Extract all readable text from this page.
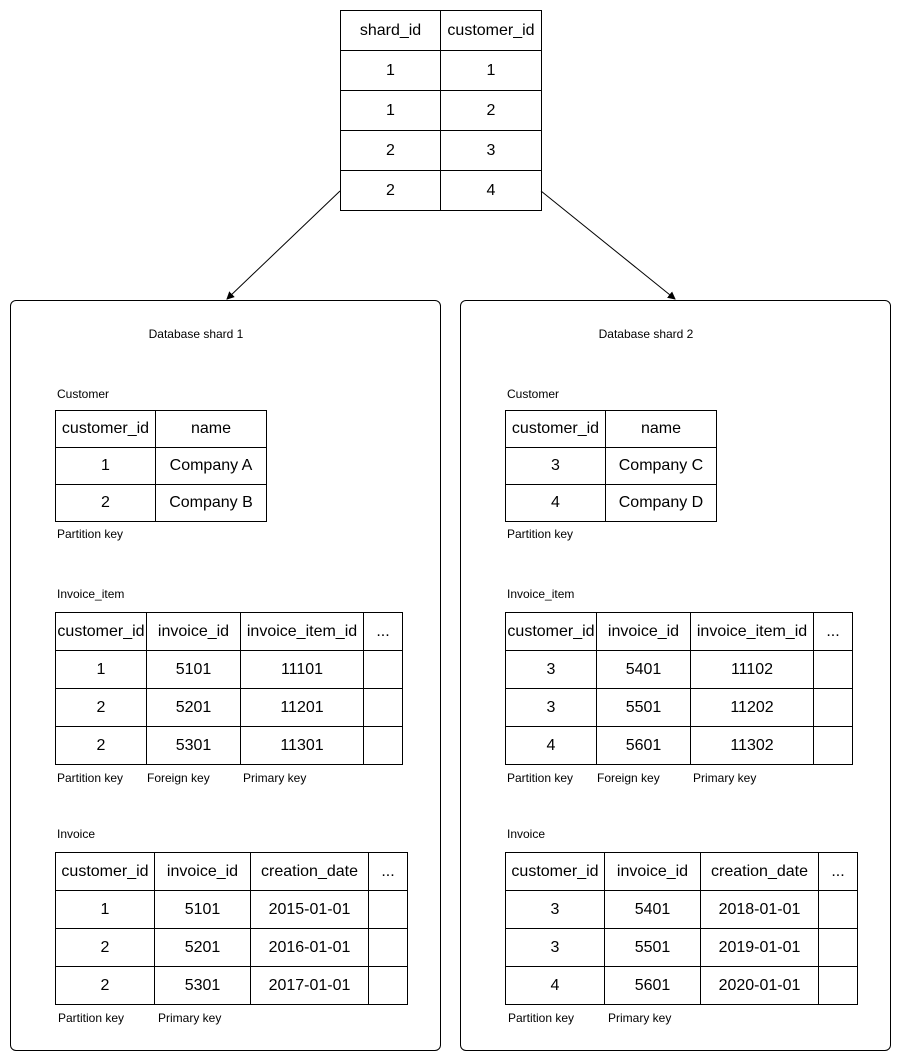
shard_id	customer_id
1	1
1	2
2	3
2	4
Database shard 1
Customer
customer_id	name
1	Company A
2	Company B
Partition key
Invoice_item
customer_id	invoice_id	invoice_item_id	...
1	5101	11101	
2	5201	11201	
2	5301	11301	
Partition key Foreign key	Primary key
Invoice
customer_id	invoice_id	creation_date	...
1	5101	2015-01-01	
2	5201	2016-01-01	
2	5301	2017-01-01	
Partition key	Primary key
Database shard 2
Customer
customer_id	name
3	Company C
4	Company D
Partition key
Invoice_item
customer_id	invoice_id	invoice_item_id	...
3	5401	11102	
3	5501	11202	
4	5601	11302	
Partition key Foreign key	Primary key
Invoice
customer_id	invoice_id	creation_date	...
3	5401	2018-01-01	
3	5501	2019-01-01	
4	5601	2020-01-01	
Partition key	Primary key
